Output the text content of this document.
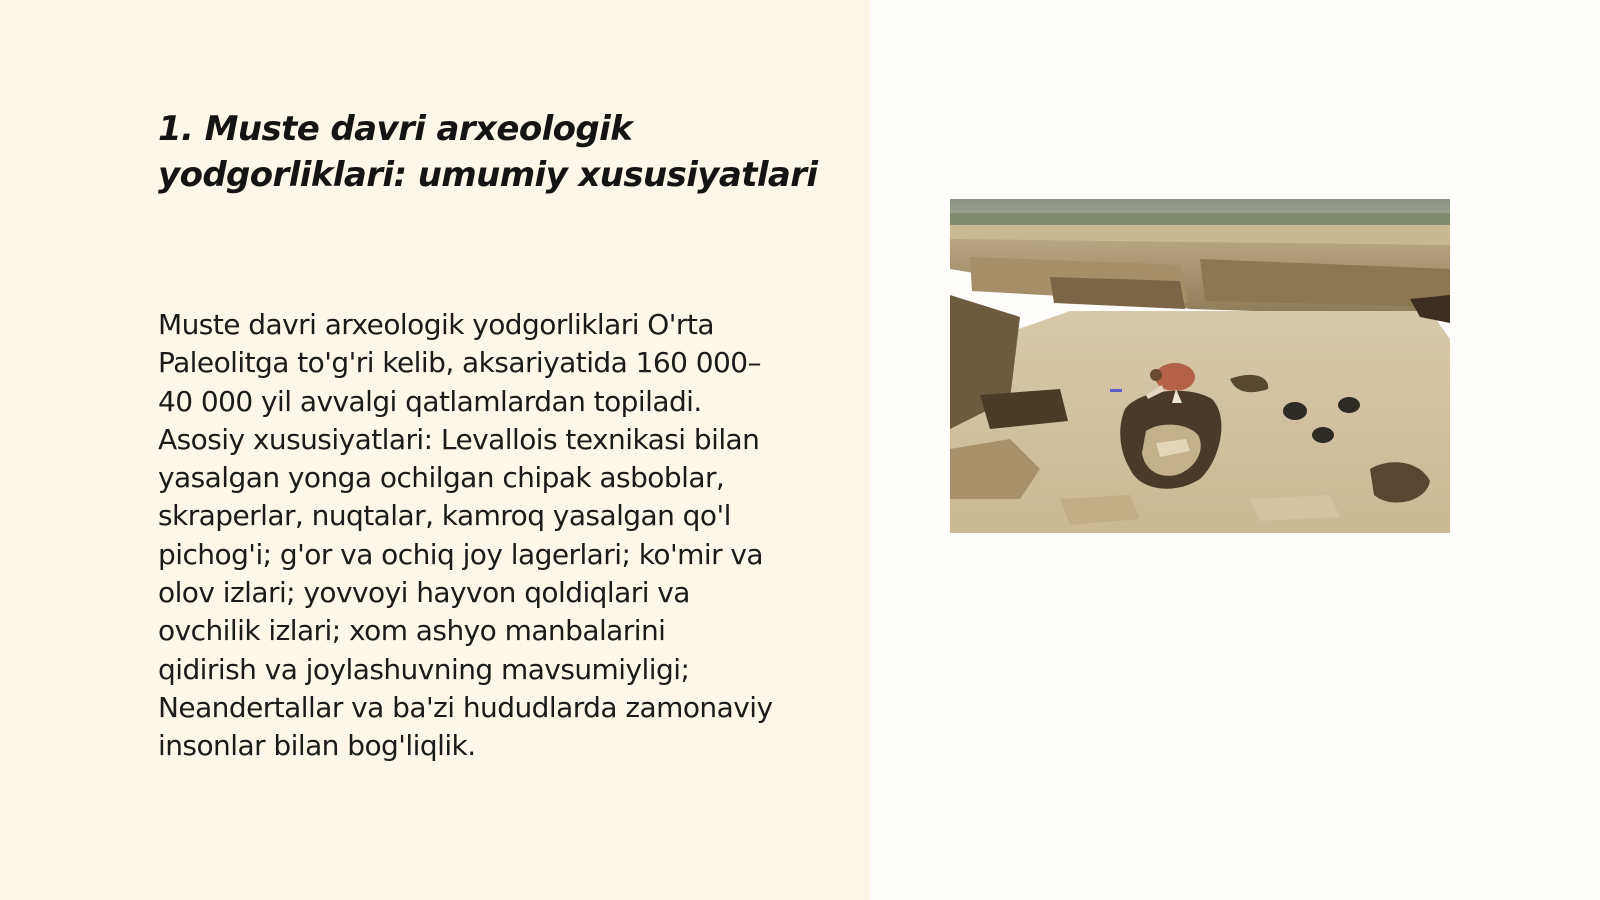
1. Muste davri arxeologik
yodgorliklari: umumiy xususiyatlari

Muste davri arxeologik yodgorliklari O'rta
Paleolitga to'g'ri kelib, aksariyatida 160 000–
40 000 yil avvalgi qatlamlardan topiladi.
Asosiy xususiyatlari: Levallois texnikasi bilan
yasalgan yonga ochilgan chipak asboblar,
skraperlar, nuqtalar, kamroq yasalgan qo'l
pichog'i; g'or va ochiq joy lagerlari; ko'mir va
olov izlari; yovvoyi hayvon qoldiqlari va
ovchilik izlari; xom ashyo manbalarini
qidirish va joylashuvning mavsumiyligi;
Neandertallar va ba'zi hududlarda zamonaviy
insonlar bilan bog'liqlik.
